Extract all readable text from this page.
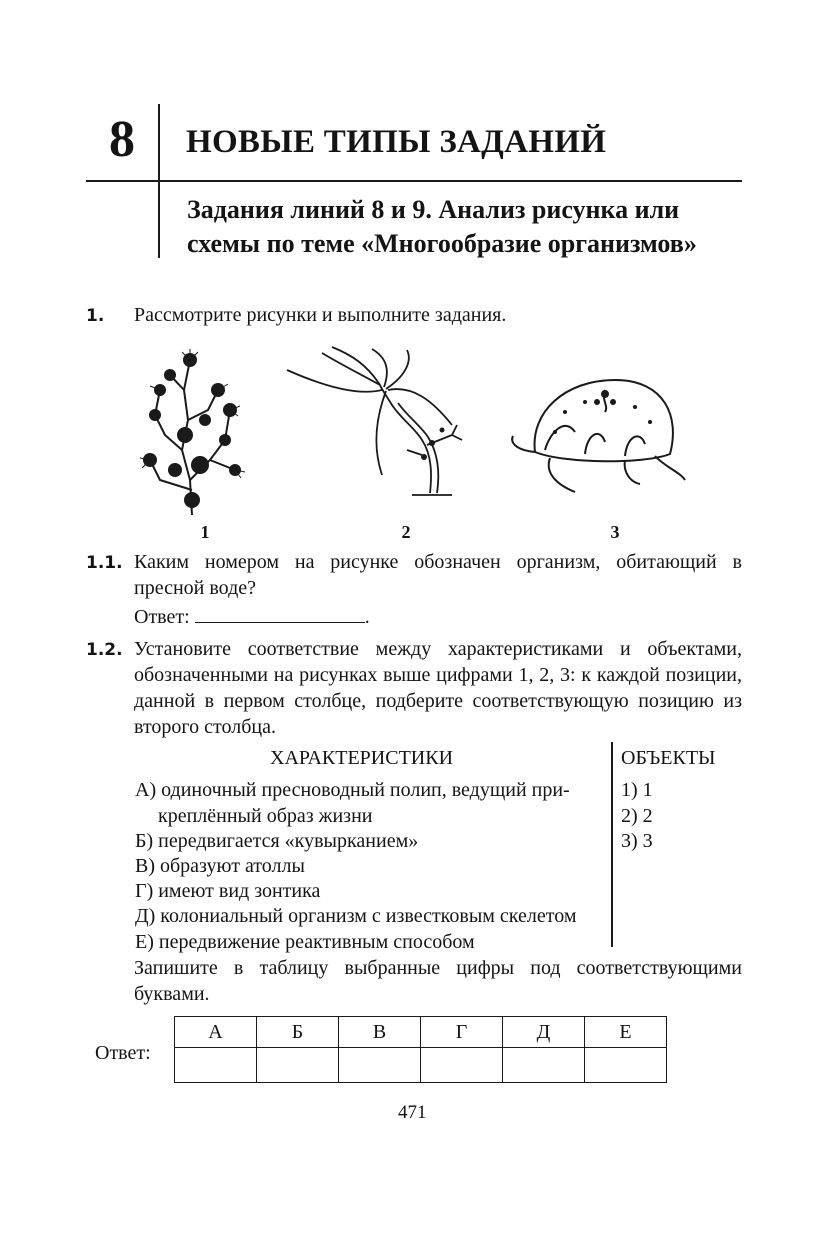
8 НОВЫЕ ТИПЫ ЗАДАНИЙ
Задания линий 8 и 9. Анализ рисунка или
схемы по теме «Многообразие организмов»
1. Рассмотрите рисунки и выполните задания.
1	2	3
1.1. Каким номером на рисунке обозначен организм, обитающий в
пресной воде?
Ответ:	.
1.2. Установите соответствие между характеристиками и объектами,
обозначенными на рисунках выше цифрами 1, 2, 3: к каждой позиции,
данной в первом столбце, подберите соответствующую позицию из
второго столбца.
ХАРАКТЕРИСТИКИ	ОБЪЕКТЫ
А) одиночный пресноводный полип, ведущий при-
креплённый образ жизни
Б) передвигается «кувырканием»
В) образуют атоллы
Г) имеют вид зонтика
Д) колониальный организм с известковым скелетом
Е) передвижение реактивным способом
1) 1
2) 2
3) 3
Запишите в таблицу выбранные цифры под соответствующими
буквами.
Ответ:
А	Б	В	Г	Д	Е

471
